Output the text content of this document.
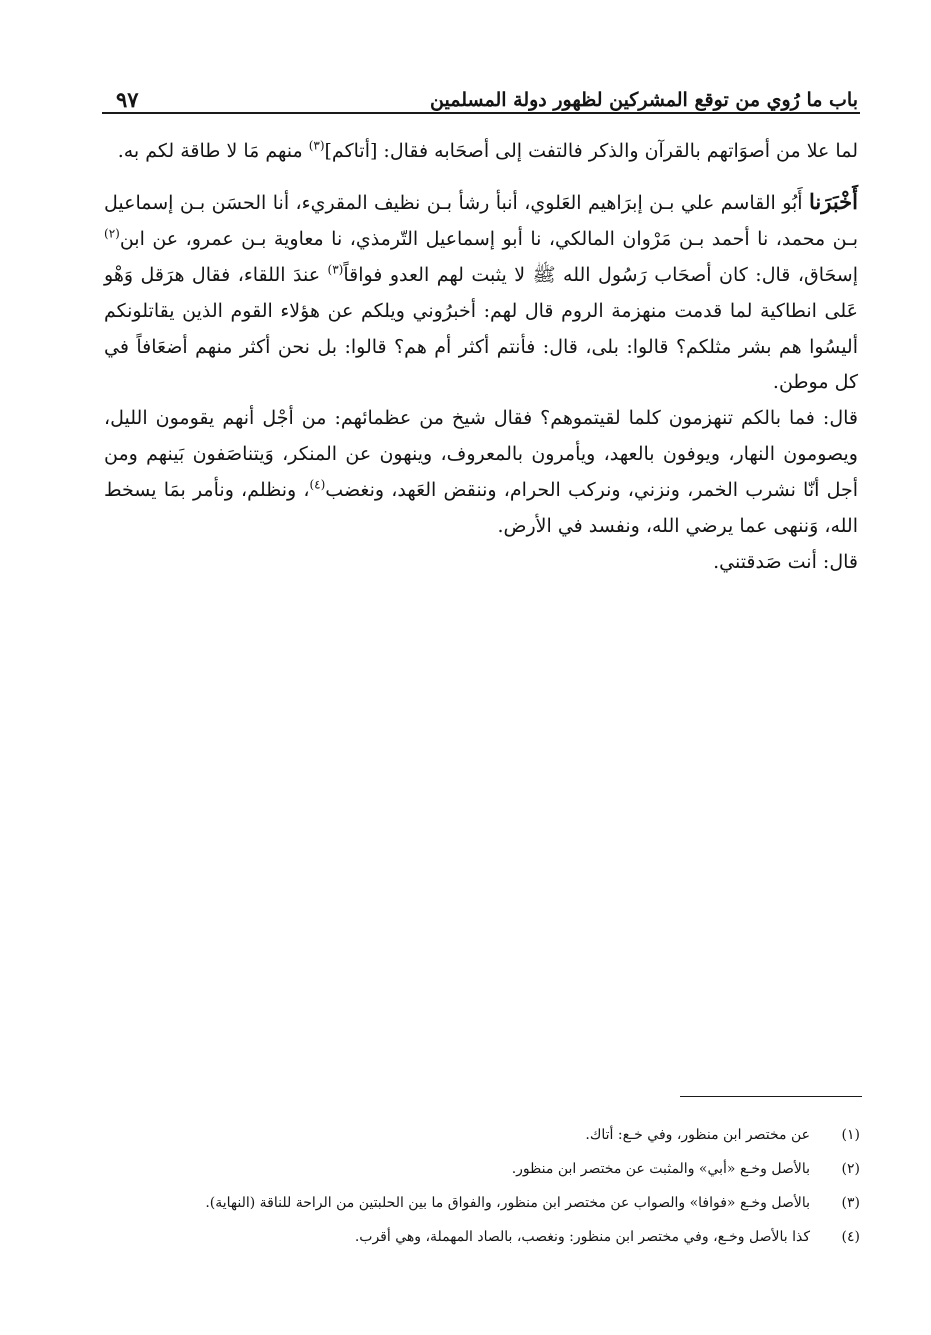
باب ما رُوي من توقع المشركين لظهور دولة المسلمين
٩٧

لما علا من أصوَاتهم بالقرآن والذكر فالتفت إلى أصحَابه فقال: [أتاكم]$^{(٣)}$ منهم مَا لا طاقة لكم به.

أَخْبَرَنا أَبُو القاسم علي بـن إبرَاهيم العَلوي، أنبأ رشأ بـن نظيف المقريء، أنا الحسَن بـن إسماعيل بـن محمد، نا أحمد بـن مَرْوان المالكي، نا أبو إسماعيل التّرمذي، نا معاوية بـن عمرو، عن ابن$^{(٢)}$ إسحَاق، قال: كان أصحَاب رَسُول الله ﷺ لا يثبت لهم العدو فواقاً$^{(٣)}$ عندَ اللقاء، فقال هرَقل وَهْو عَلى انطاكية لما قدمت منهزمة الروم قال لهم: أخبرُوني ويلكم عن هؤلاء القوم الذين يقاتلونكم أليسُوا هم بشر مثلكم؟ قالوا: بلى، قال: فأنتم أكثر أم هم؟ قالوا: بل نحن أكثر منهم أضعَافاً في كل موطن.

قال: فما بالكم تنهزمون كلما لقيتموهم؟ فقال شيخ من عظمائهم: من أجْل أنهم يقومون الليل، ويصومون النهار، ويوفون بالعهد، ويأمرون بالمعروف، وينهون عن المنكر، وَيتناصَفون بَينهم ومن أجل أنّا نشرب الخمر، ونزني، ونركب الحرام، وننقض العَهد، ونغضب$^{(٤)}$، ونظلم، ونأمر بمَا يسخط الله، وَننهى عما يرضي الله، ونفسد في الأرض.

قال: أنت صَدقتني.

(١)
عن مختصر ابن منظور، وفي خـع: أتاك.
(٢)
بالأصل وخـع «أبي» والمثبت عن مختصر ابن منظور.
(٣)
بالأصل وخـع «فوافا» والصواب عن مختصر ابن منظور، والفواق ما بين الحلبتين من الراحة للناقة (النهاية).
(٤)
كذا بالأصل وخـع، وفي مختصر ابن منظور: ونغصب، بالصاد المهملة، وهي أقرب.
